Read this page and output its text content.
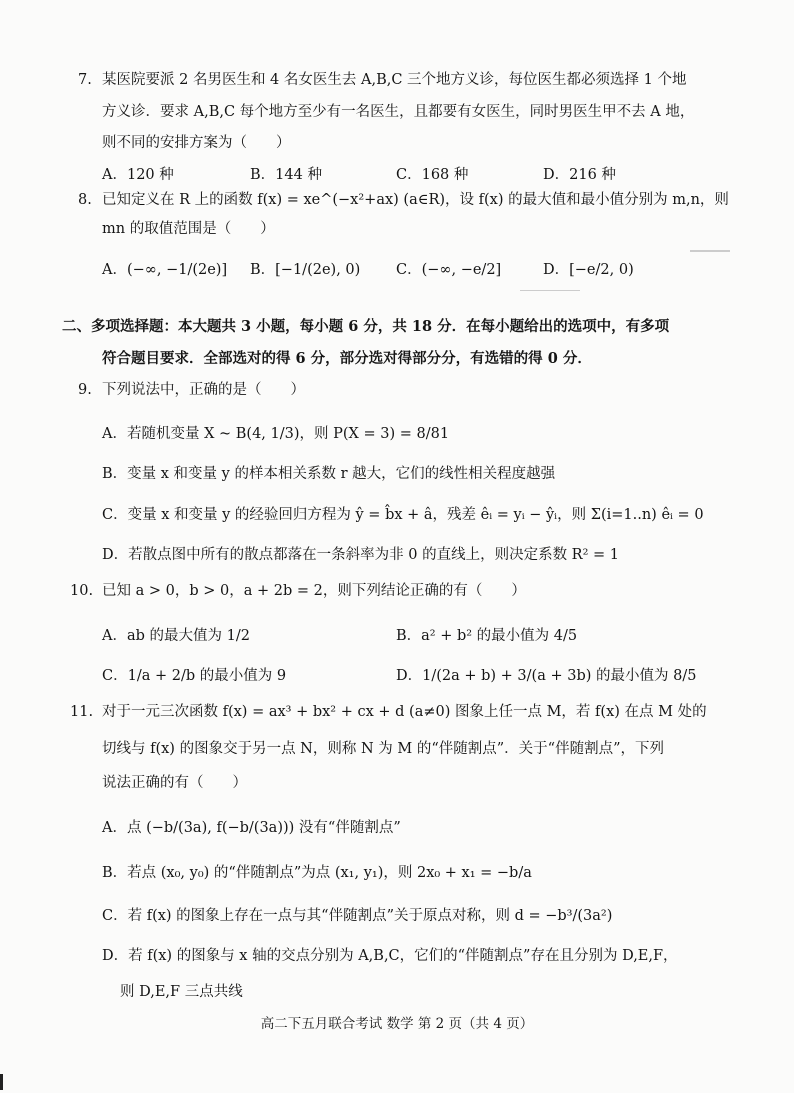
7. 某医院要派 2 名男医生和 4 名女医生去 A,B,C 三个地方义诊，每位医生都必须选择 1 个地
方义诊．要求 A,B,C 每个地方至少有一名医生，且都要有女医生，同时男医生甲不去 A 地，
则不同的安排方案为（　　）
A．120 种	B．144 种	C．168 种	D．216 种
8. 已知定义在 R 上的函数 f(x) = xe^(−x²+ax) (a∈R)，设 f(x) 的最大值和最小值分别为 m,n，则
mn 的取值范围是（　　）
A．(−∞, −1/(2e)] B．[−1/(2e), 0) C．(−∞, −e/2]	D．[−e/2, 0)
二、多项选择题：本大题共 3 小题，每小题 6 分，共 18 分．在每小题给出的选项中，有多项
符合题目要求．全部选对的得 6 分，部分选对得部分分，有选错的得 0 分．
9. 下列说法中，正确的是（　　）
A．若随机变量 X ~ B(4, 1/3)，则 P(X = 3) = 8/81
B．变量 x 和变量 y 的样本相关系数 r 越大，它们的线性相关程度越强
C．变量 x 和变量 y 的经验回归方程为 ŷ = b̂x + â，残差 êᵢ = yᵢ − ŷᵢ，则 Σ(i=1..n) êᵢ = 0
D．若散点图中所有的散点都落在一条斜率为非 0 的直线上，则决定系数 R² = 1
10. 已知 a > 0，b > 0，a + 2b = 2，则下列结论正确的有（　　）
A．ab 的最大值为 1/2	B．a² + b² 的最小值为 4/5
C．1/a + 2/b 的最小值为 9	D．1/(2a + b) + 3/(a + 3b) 的最小值为 8/5
11. 对于一元三次函数 f(x) = ax³ + bx² + cx + d (a≠0) 图象上任一点 M，若 f(x) 在点 M 处的
切线与 f(x) 的图象交于另一点 N，则称 N 为 M 的“伴随割点”．关于“伴随割点”，下列
说法正确的有（　　）
A．点 (−b/(3a), f(−b/(3a))) 没有“伴随割点”
B．若点 (x₀, y₀) 的“伴随割点”为点 (x₁, y₁)，则 2x₀ + x₁ = −b/a
C．若 f(x) 的图象上存在一点与其“伴随割点”关于原点对称，则 d = −b³/(3a²)
D．若 f(x) 的图象与 x 轴的交点分别为 A,B,C，它们的“伴随割点”存在且分别为 D,E,F，
则 D,E,F 三点共线
高二下五月联合考试 数学 第 2 页（共 4 页）
